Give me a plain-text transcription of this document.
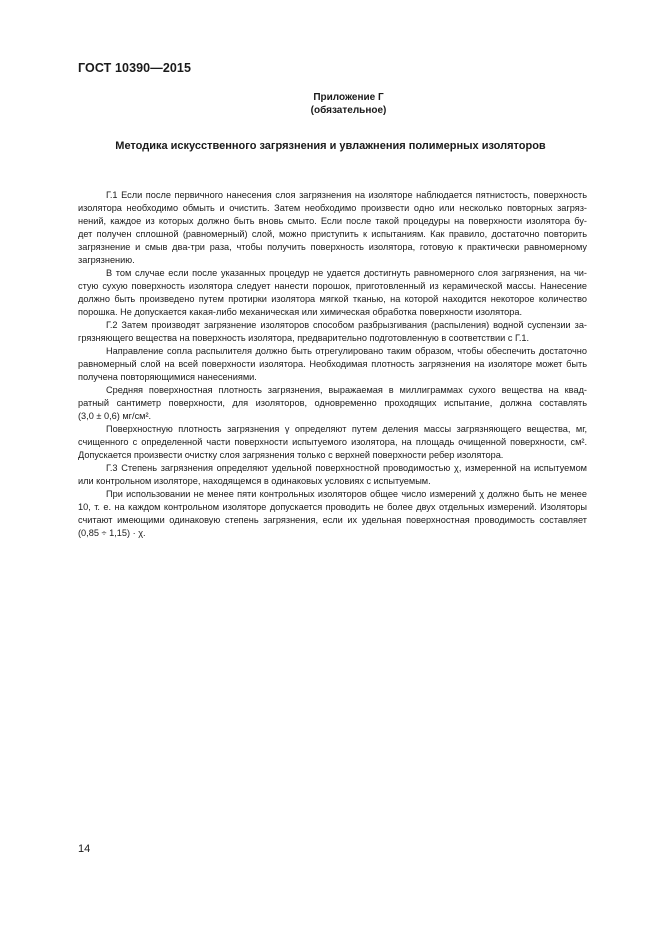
ГОСТ 10390—2015
Приложение Г
(обязательное)
Методика искусственного загрязнения и увлажнения полимерных изоляторов
Г.1 Если после первичного нанесения слоя загрязнения на изоляторе наблюдается пятнистость, поверхность
изолятора необходимо обмыть и очистить. Затем необходимо произвести одно или несколько повторных загряз-
нений, каждое из которых должно быть вновь смыто. Если после такой процедуры на поверхности изолятора бу-
дет получен сплошной (равномерный) слой, можно приступить к испытаниям. Как правило, достаточно повторить
загрязнение и смыв два-три раза, чтобы получить поверхность изолятора, готовую к практически равномерному
загрязнению.
В том случае если после указанных процедур не удается достигнуть равномерного слоя загрязнения, на чи-
стую сухую поверхность изолятора следует нанести порошок, приготовленный из керамической массы. Нанесение
должно быть произведено путем протирки изолятора мягкой тканью, на которой находится некоторое количество
порошка. Не допускается какая-либо механическая или химическая обработка поверхности изолятора.
Г.2 Затем производят загрязнение изоляторов способом разбрызгивания (распыления) водной суспензии за-
грязняющего вещества на поверхность изолятора, предварительно подготовленную в соответствии с Г.1.
Направление сопла распылителя должно быть отрегулировано таким образом, чтобы обеспечить достаточно
равномерный слой на всей поверхности изолятора. Необходимая плотность загрязнения на изоляторе может быть
получена повторяющимися нанесениями.
Средняя поверхностная плотность загрязнения, выражаемая в миллиграммах сухого вещества на квад-
ратный сантиметр поверхности, для изоляторов, одновременно проходящих испытание, должна составлять
(3,0 ± 0,6) мг/см².
Поверхностную плотность загрязнения γ определяют путем деления массы загрязняющего вещества, мг,
счищенного с определенной части поверхности испытуемого изолятора, на площадь очищенной поверхности, см².
Допускается произвести очистку слоя загрязнения только с верхней поверхности ребер изолятора.
Г.3 Степень загрязнения определяют удельной поверхностной проводимостью χ, измеренной на испытуемом
или контрольном изоляторе, находящемся в одинаковых условиях с испытуемым.
При использовании не менее пяти контрольных изоляторов общее число измерений χ должно быть не менее
10, т. е. на каждом контрольном изоляторе допускается проводить не более двух отдельных измерений. Изоляторы
считают имеющими одинаковую степень загрязнения, если их удельная поверхностная проводимость составляет
(0,85 ÷ 1,15) · χ.
14
